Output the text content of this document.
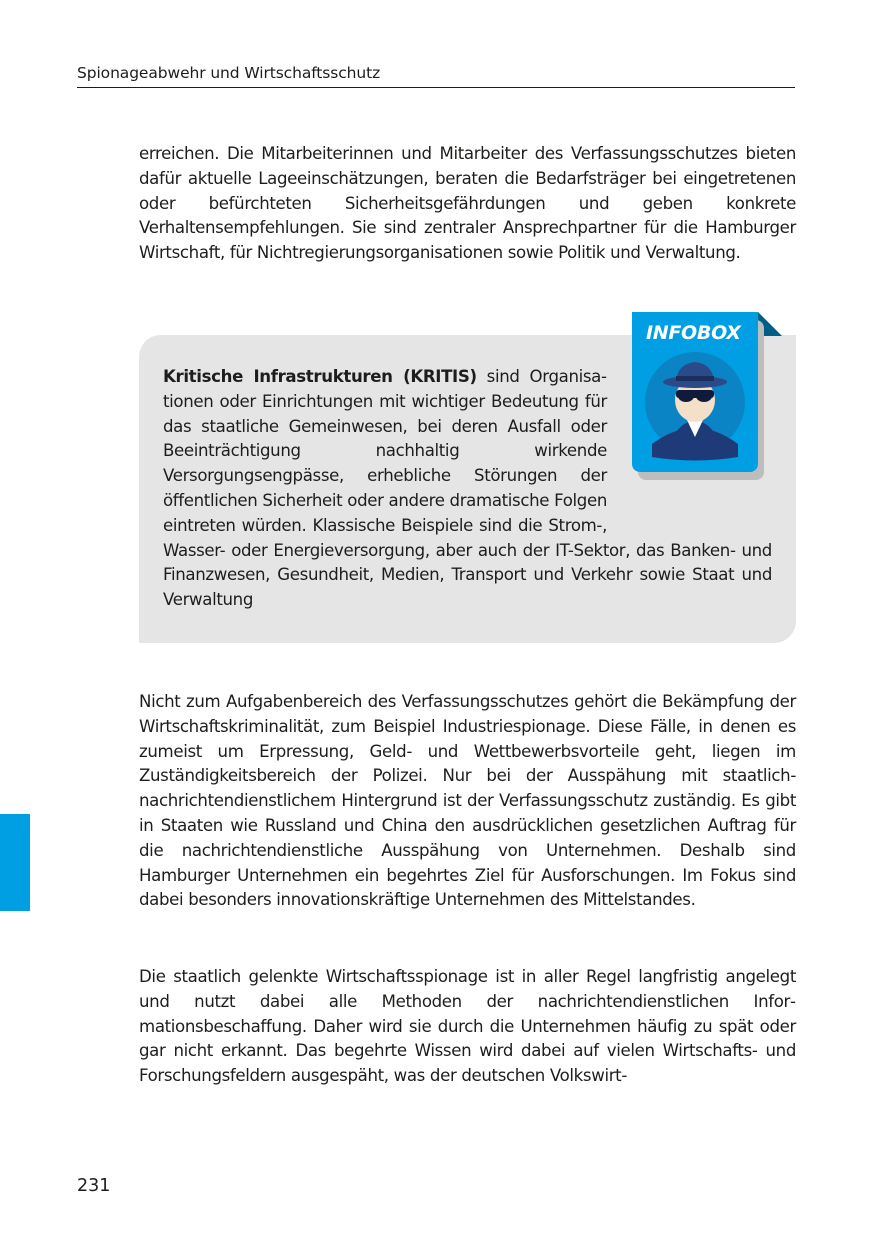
Spionageabwehr und Wirtschaftsschutz

erreichen. Die Mitarbeiterinnen und Mitarbeiter des Verfassungsschutzes bieten dafür aktuelle Lageeinschätzungen, beraten die Bedarfsträger bei eingetretenen oder befürchteten Sicherheitsgefährdungen und geben konkrete Verhaltensempfehlungen. Sie sind zentraler Ansprechpartner für die Hamburger Wirtschaft, für Nichtregierungsorganisationen sowie Politik und Verwaltung.

Kritische Infrastrukturen (KRITIS) sind Organisationen oder Einrichtungen mit wichtiger Bedeutung für das staatliche Gemeinwesen, bei deren Ausfall oder Beeinträchtigung nachhaltig wirkende Versorgungsengpässe, erhebliche Störungen der öffentlichen Sicherheit oder andere dramatische Folgen eintreten würden. Klassische Beispiele sind die Strom-, Wasser- oder Energieversorgung, aber auch der IT-Sektor, das Banken- und Finanzwesen, Gesundheit, Medien, Transport und Verkehr sowie Staat und Verwaltung

INFOBOX

Nicht zum Aufgabenbereich des Verfassungsschutzes gehört die Bekämpfung der Wirtschaftskriminalität, zum Beispiel Industriespionage. Diese Fälle, in denen es zumeist um Erpressung, Geld- und Wettbewerbsvorteile geht, liegen im Zuständigkeitsbereich der Polizei. Nur bei der Ausspähung mit staatlich-nachrichtendienstlichem Hintergrund ist der Verfassungsschutz zuständig. Es gibt in Staaten wie Russland und China den ausdrücklichen gesetzlichen Auftrag für die nachrichtendienstliche Ausspähung von Unternehmen. Deshalb sind Hamburger Unternehmen ein begehrtes Ziel für Ausforschungen. Im Fokus sind dabei besonders innovationskräftige Unternehmen des Mittelstandes.

Die staatlich gelenkte Wirtschaftsspionage ist in aller Regel langfristig angelegt und nutzt dabei alle Methoden der nachrichtendienstlichen Informationsbeschaffung. Daher wird sie durch die Unternehmen häufig zu spät oder gar nicht erkannt. Das begehrte Wissen wird dabei auf vielen Wirtschafts- und Forschungsfeldern ausgespäht, was der deutschen Volkswirt-

231
